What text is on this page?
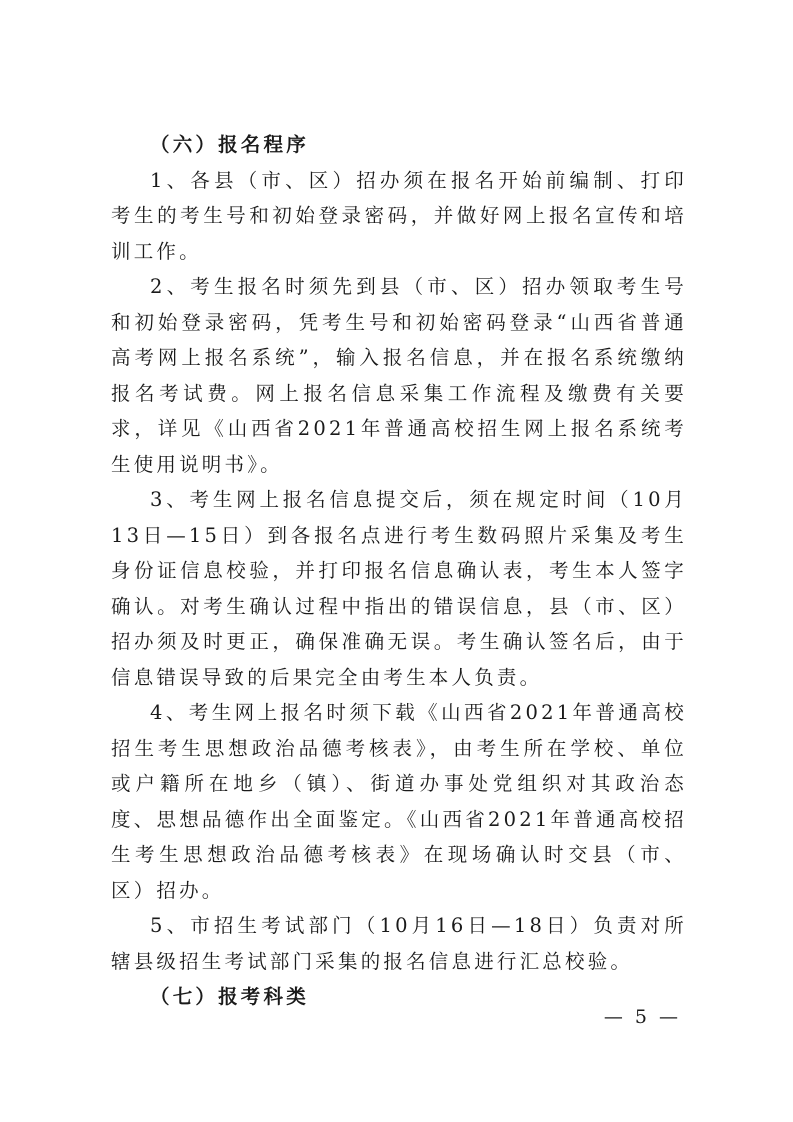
（六）报名程序

1、各县（市、区）招办须在报名开始前编制、打印考生的考生号和初始登录密码，并做好网上报名宣传和培训工作。

2、考生报名时须先到县（市、区）招办领取考生号和初始登录密码，凭考生号和初始密码登录“山西省普通高考网上报名系统”，输入报名信息，并在报名系统缴纳报名考试费。网上报名信息采集工作流程及缴费有关要求，详见《山西省2021年普通高校招生网上报名系统考生使用说明书》。

3、考生网上报名信息提交后，须在规定时间（10月13日—15日）到各报名点进行考生数码照片采集及考生身份证信息校验，并打印报名信息确认表，考生本人签字确认。对考生确认过程中指出的错误信息，县（市、区）招办须及时更正，确保准确无误。考生确认签名后，由于信息错误导致的后果完全由考生本人负责。

4、考生网上报名时须下载《山西省2021年普通高校招生考生思想政治品德考核表》，由考生所在学校、单位或户籍所在地乡（镇）、街道办事处党组织对其政治态度、思想品德作出全面鉴定。《山西省2021年普通高校招生考生思想政治品德考核表》在现场确认时交县（市、区）招办。

5、市招生考试部门（10月16日—18日）负责对所辖县级招生考试部门采集的报名信息进行汇总校验。

（七）报考科类

— 5 —
